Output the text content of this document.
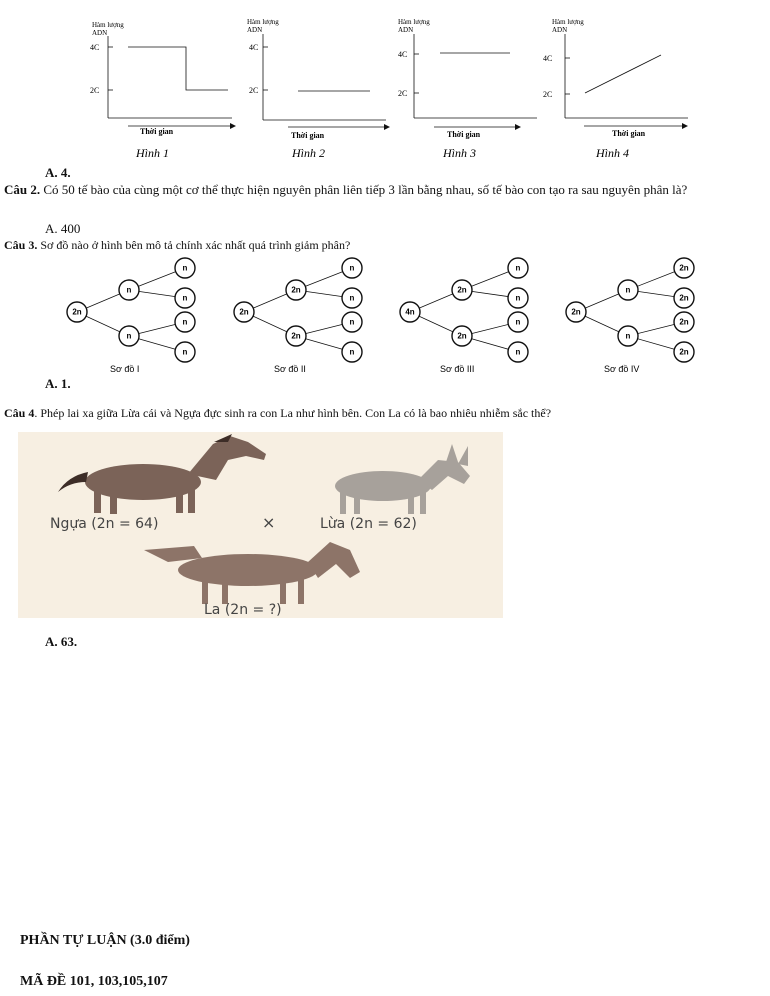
Hàm lượng
ADN
4C
2C
Thời gian
Hình 1
Hàm lượng
ADN
4C
2C
Thời gian
Hình 2
Hàm lượng
ADN
4C
2C
Thời gian
Hình 3
Hàm lượng
ADN
4C
2C
Thời gian
Hình 4
A. 4.
Câu 2. Có 50 tế bào của cùng một cơ thể thực hiện nguyên phân liên tiếp 3 lần bằng nhau, số tế bào con tạo ra sau nguyên phân là?
A. 400
Câu 3. Sơ đồ nào ở hình bên mô tả chính xác nhất quá trình giảm phân?
2n
n
n
n
n
n
n
Sơ đồ I
2n
2n
2n
n
n
n
n
Sơ đồ II
4n
2n
2n
n
n
n
n
Sơ đồ III
2n
n
n
2n
2n
2n
2n
Sơ đồ IV
A. 1.
Câu 4. Phép lai xa giữa Lừa cái và Ngựa đực sinh ra con La như hình bên. Con La có là bao nhiêu nhiễm sắc thể?
Ngựa (2n = 64)	×	Lừa (2n = 62)
La (2n = ?)
A. 63.
PHẦN TỰ LUẬN (3.0 điểm)
MÃ ĐỀ 101, 103,105,107
